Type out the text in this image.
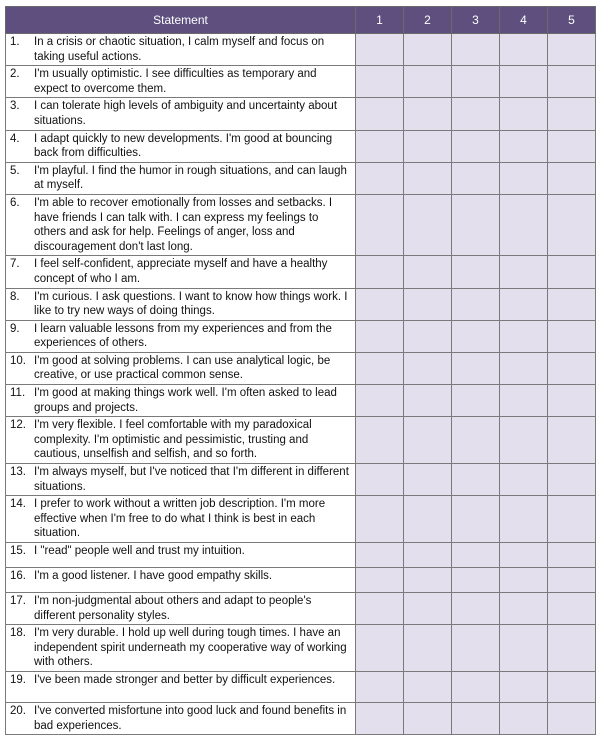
Statement	1	2	3	4	5

1. In a crisis or chaotic situation, I calm myself and focus on taking useful actions.					

2. I'm usually optimistic. I see difficulties as temporary and expect to overcome them.					

3. I can tolerate high levels of ambiguity and uncertainty about situations.					

4. I adapt quickly to new developments. I'm good at bouncing back from difficulties.					

5. I'm playful. I find the humor in rough situations, and can laugh at myself.					

6. I'm able to recover emotionally from losses and setbacks. I have friends I can talk with. I can express my feelings to others and ask for help. Feelings of anger, loss and discouragement don't last long.					

7. I feel self-confident, appreciate myself and have a healthy concept of who I am.					

8. I'm curious. I ask questions. I want to know how things work. I like to try new ways of doing things.					

9. I learn valuable lessons from my experiences and from the experiences of others.					

10. I'm good at solving problems. I can use analytical logic, be creative, or use practical common sense.					

11. I'm good at making things work well. I'm often asked to lead groups and projects.					

12. I'm very flexible. I feel comfortable with my paradoxical complexity. I'm optimistic and pessimistic, trusting and cautious, unselfish and selfish, and so forth.					

13. I'm always myself, but I've noticed that I'm different in different situations.					

14. I prefer to work without a written job description. I'm more effective when I'm free to do what I think is best in each situation.					

15. I "read" people well and trust my intuition.					

16. I'm a good listener. I have good empathy skills.					

17. I'm non-judgmental about others and adapt to people's different personality styles.					

18. I'm very durable. I hold up well during tough times. I have an independent spirit underneath my cooperative way of working with others.					

19. I've been made stronger and better by difficult experiences.					

20. I've converted misfortune into good luck and found benefits in bad experiences.					
